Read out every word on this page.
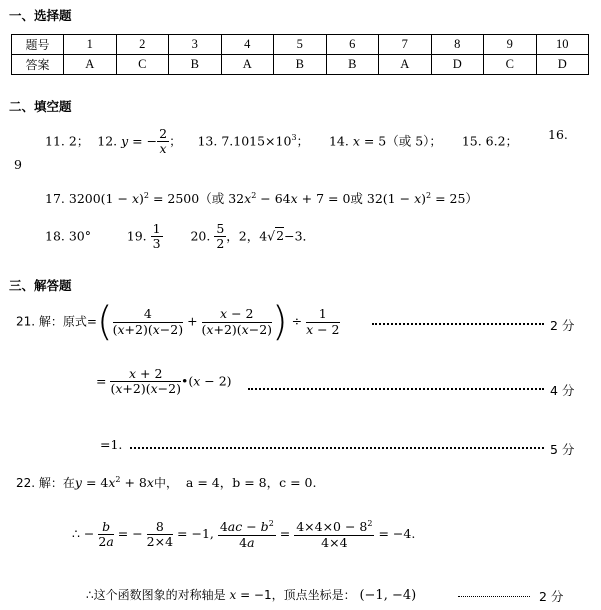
一、选择题
题号	1	2	3	4	5	6	7	8	9	10
答案	A	C	B	A	B	B	A	D	C	D
二、填空题
11. 2； 12. y = − $\frac{2}{x}$ ；    13. $7.1015\times 10^3$； 14. x = 5（或 5）； 15. 6.2； 16.
9
17. $3200(1 - x)^2 = 2500$（或 $32x^2 - 64x + 7 = 0$或 $32(1 - x)^2 = 25$）
18. 30°	19. $\frac{1}{3} 20$. $\frac{5}{2}$ ，2，4√2−3．
三、解答题
21. 解：原式=( $\frac{4}{(x+2)(x-2)} + \frac{x - 2}{(x+2)(x-2)}$ ) ÷ $\frac{1}{x - 2}$	2 分
= $\frac{x + 2}{(x+2)(x-2)}$ •(x − 2)
4 分
=1.	5 分
22. 解：在$y = 4x^2 + 8x$中， a = 4，b = 8，c = 0.
∴ − $\frac{b}{2a}$ = − $\frac{8}{2\times 4} = -1$, $\frac{4ac - b^2}{4a} = \frac{4\times 4\times 0 - 8^2}{4\times 4} = -4$.
∴这个函数图象的对称轴是 x = −1，顶点坐标是： (−1, −4)	2 分
